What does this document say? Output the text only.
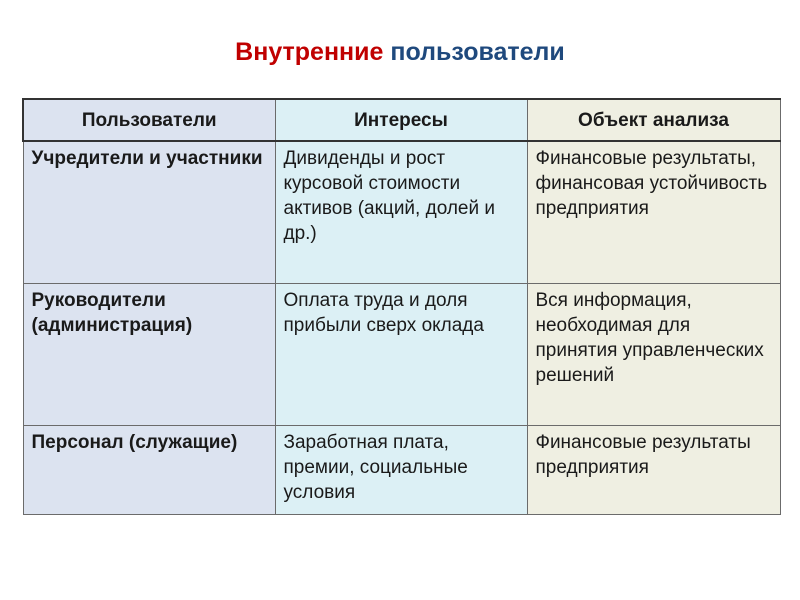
Внутренние пользователи
Пользователи	Интересы	Объект анализа
Учредители и участники	Дивиденды и рост курсовой стоимости активов (акций, долей и др.)	Финансовые результаты, финансовая устойчивость предприятия
Руководители (администрация)	Оплата труда и доля прибыли сверх оклада	Вся информация, необходимая для принятия управленческих решений
Персонал (служащие)	Заработная плата, премии, социальные условия	Финансовые результаты предприятия
